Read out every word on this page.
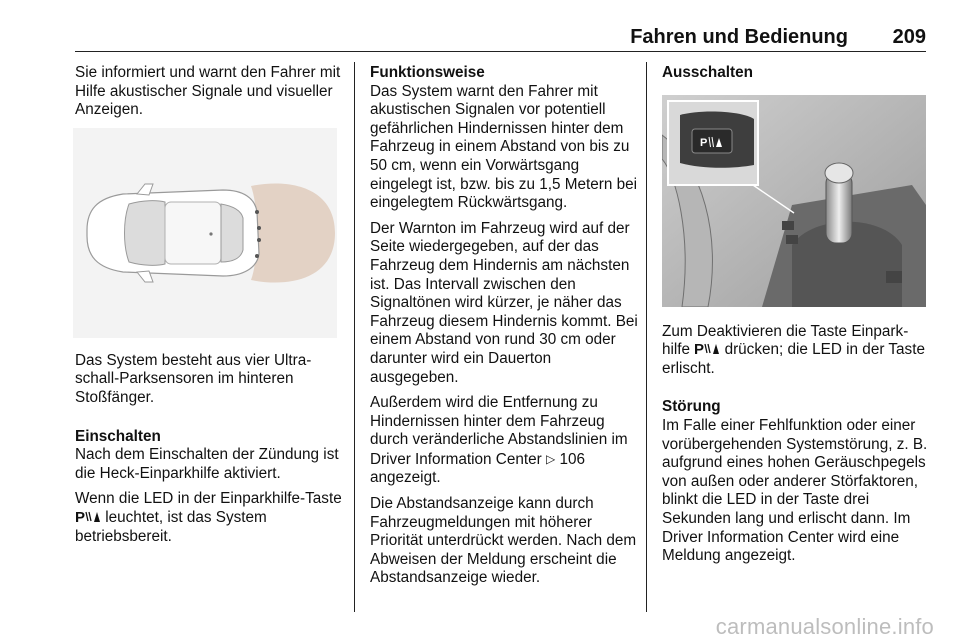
Fahren und Bedienung 209

Sie informiert und warnt den Fahrer mit Hilfe akustischer Signale und visueller Anzeigen.

Das System besteht aus vier Ultraschall-Parksensoren im hinteren Stoßfänger.

Einschalten
Nach dem Einschalten der Zündung ist die Heck-Einparkhilfe aktiviert.

Wenn die LED in der Einparkhilfe-Taste
P leuchtet, ist das System betriebsbereit.

Funktionsweise
Das System warnt den Fahrer mit akustischen Signalen vor potentiell gefährlichen Hindernissen hinter dem Fahrzeug in einem Abstand von bis zu 50 cm, wenn ein Vorwärtsgang eingelegt ist, bzw. bis zu 1,5 Metern bei eingelegtem Rückwärtsgang.

Der Warnton im Fahrzeug wird auf der Seite wiedergegeben, auf der das Fahrzeug dem Hindernis am nächsten ist. Das Intervall zwischen den Signaltönen wird kürzer, je näher das Fahrzeug diesem Hindernis kommt. Bei einem Abstand von rund 30 cm oder darunter wird ein Dauerton ausgegeben.

Außerdem wird die Entfernung zu Hindernissen hinter dem Fahrzeug durch veränderliche Abstandslinien im Driver Information Center ▷ 106 angezeigt.

Die Abstandsanzeige kann durch Fahrzeugmeldungen mit höherer Priorität unterdrückt werden. Nach dem Abweisen der Meldung erscheint die Abstandsanzeige wieder.

Ausschalten
P

Zum Deaktivieren die Taste Einparkhilfe P drücken; die LED in der Taste erlischt.

Störung
Im Falle einer Fehlfunktion oder einer vorübergehenden Systemstörung, z. B. aufgrund eines hohen Geräuschpegels von außen oder anderer Störfaktoren, blinkt die LED in der Taste drei Sekunden lang und erlischt dann. Im Driver Information Center wird eine Meldung angezeigt.

carmanualsonline.info
